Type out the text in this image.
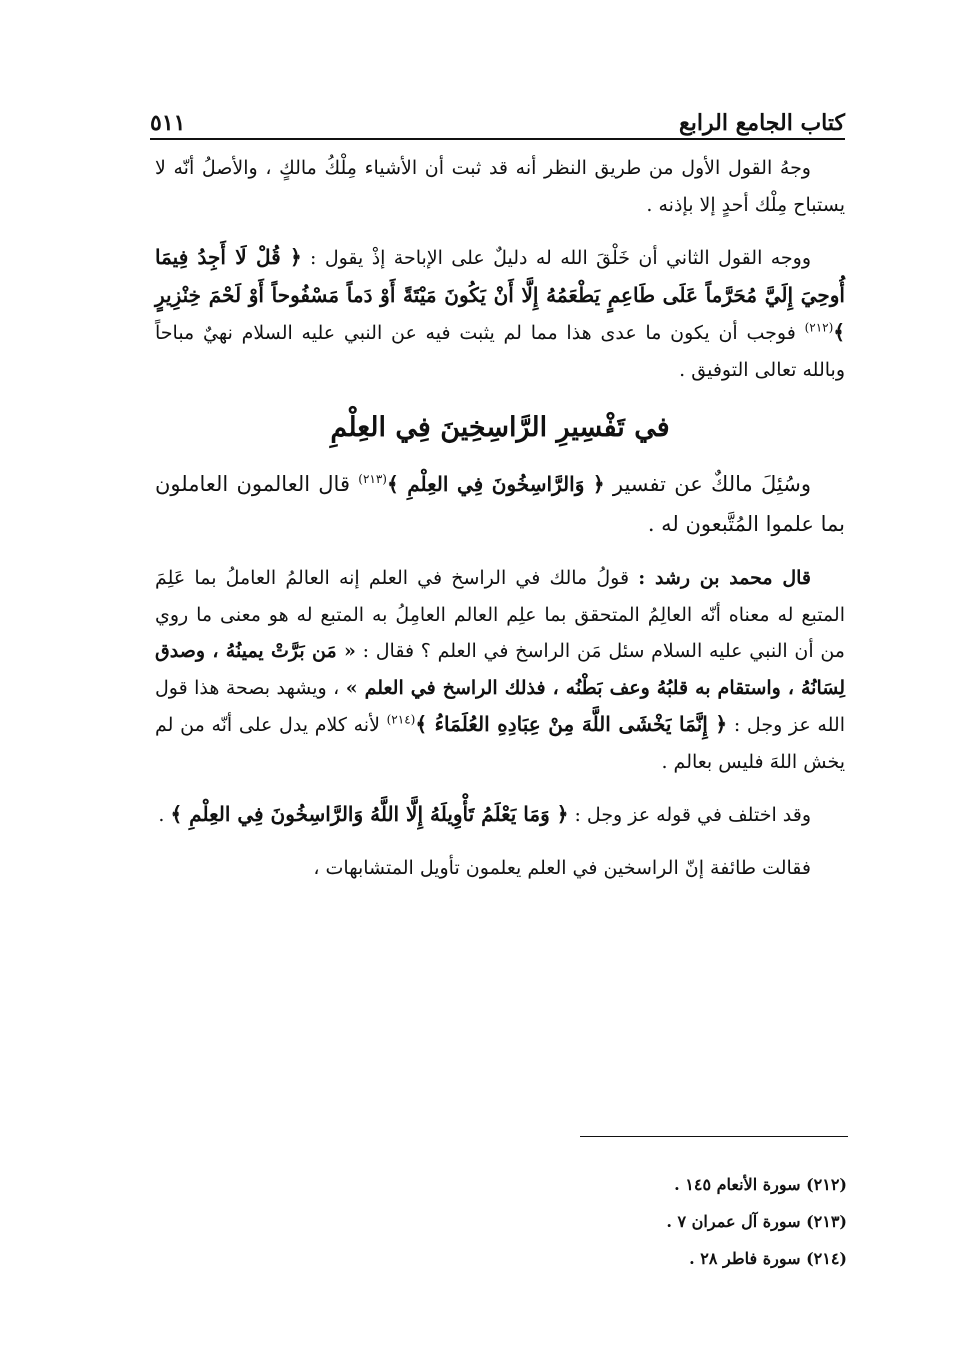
كتاب الجامع الرابع
٥١١

وجهُ القول الأول من طريق النظر أنه قد ثبت أن الأشياء مِلْكُ مالكٍ ، والأصلُ أنّه لا يستباح مِلْك أحدٍ إلا بإذنه .

ووجه القول الثاني أن خَلْقَ الله له دليلٌ على الإباحة إذْ يقول : ﴿ قُلْ لَا أَجِدُ فِيمَا أُوحِيَ إِلَيَّ مُحَرَّماً عَلَى طَاعِمٍ يَطْعَمُهُ إِلَّا أَنْ يَكُونَ مَيْتَةً أَوْ دَماً مَسْفُوحاً أَوْ لَحْمَ خِنْزِيرٍ ﴾$^{(٢١٢)}$ فوجب أن يكون ما عدى هذا مما لم يثبت فيه عن النبي عليه السلام نهيٌ مباحاً وبالله تعالى التوفيق .

في تَفْسِيرِ الرَّاسِخِينَ فِي العِلْمِ

وسُئِلَ مالكٌ عن تفسير ﴿ وَالرَّاسِخُونَ فِي العِلْمِ ﴾$^{(٢١٣)}$ قال العالمون العاملون بما علموا المُتَّبعون له .

قال محمد بن رشد : قولُ مالك في الراسخ في العلم إنه العالمُ العاملُ بما عَلِمَ المتبع له معناه أنّه العالِمُ المتحقق بما علِم العالم العامِلُ به المتبع له هو معنى ما روي من أن النبي عليه السلام سئل مَن الراسخ في العلم ؟ فقال : « مَن بَرَّتْ يمينُهُ ، وصدق لِسَانُهُ ، واستقام به قلبُهُ وعف بَطْنُه ، فذلك الراسخ في العلم » ، ويشهد بصحة هذا قول الله عز وجل : ﴿ إِنَّمَا يَخْشَى اللَّهَ مِنْ عِبَادِهِ العُلَمَاءُ ﴾$^{(٢١٤)}$ لأنه كلام يدل على أنّه من لم يخش اللهَ فليس بعالم .

وقد اختلف في قوله عز وجل : ﴿ وَمَا يَعْلَمُ تَأْوِيلَهُ إِلَّا اللَّهُ وَالرَّاسِخُونَ فِي العِلْمِ ﴾ .

فقالت طائفة إنّ الراسخين في العلم يعلمون تأويل المتشابهات ،

(٢١٢) سورة الأنعام ١٤٥ .
(٢١٣) سورة آل عمران ٧ .
(٢١٤) سورة فاطر ٢٨ .
